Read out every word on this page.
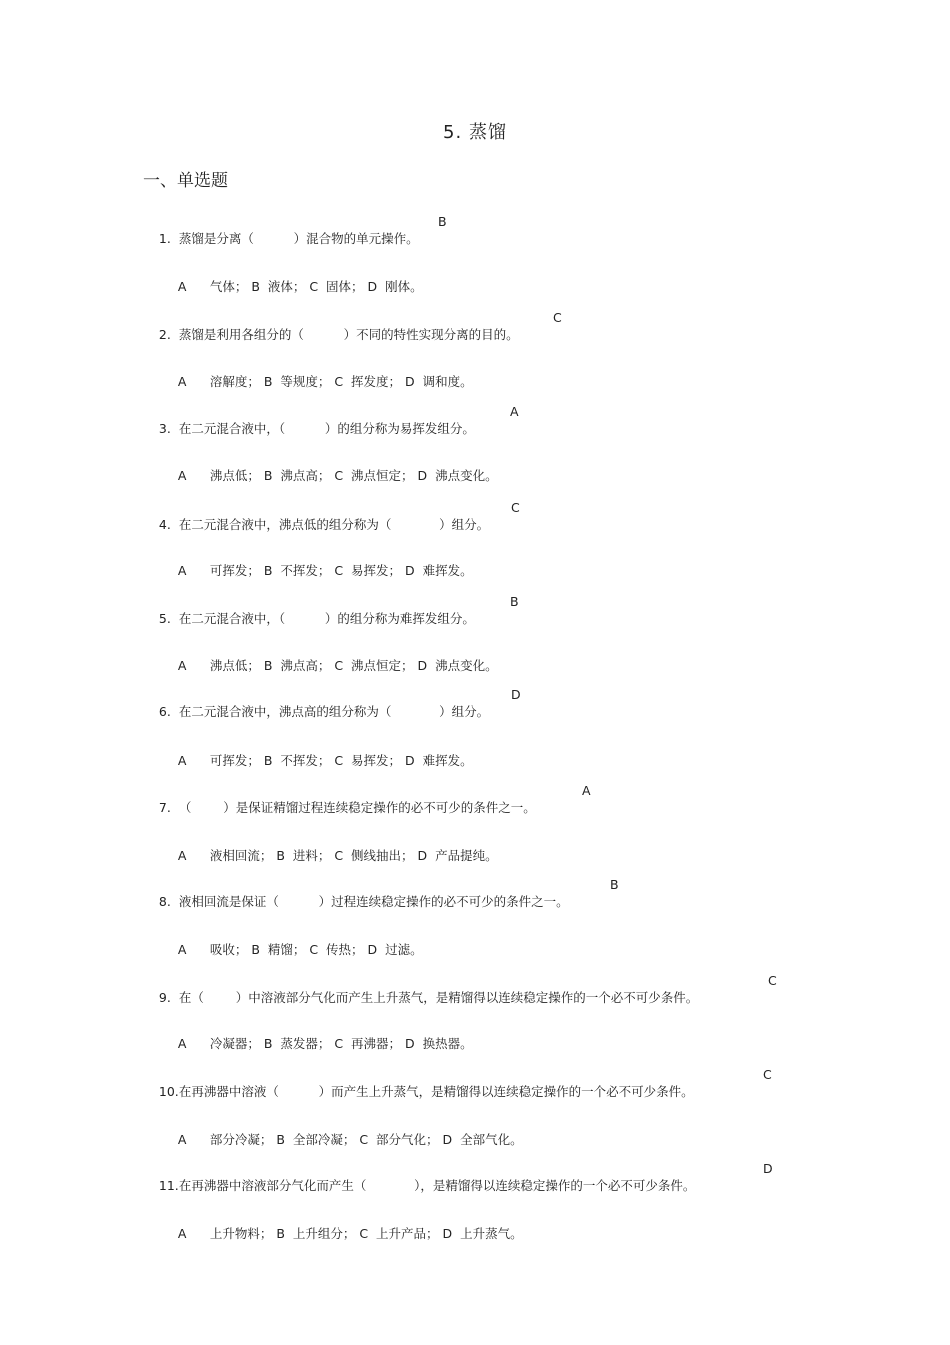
5. 蒸馏
一、单选题

1. 蒸馏是分离（          ）混合物的单元操作。

B

A 气体； B  液体； C  固体； D  刚体。

2. 蒸馏是利用各组分的（          ）不同的特性实现分离的目的。

C

A 溶解度； B  等规度； C  挥发度； D  调和度。

3. 在二元混合液中，（          ）的组分称为易挥发组分。

A

A 沸点低； B  沸点高； C  沸点恒定； D  沸点变化。

4. 在二元混合液中，沸点低的组分称为（            ）组分。

C

A 可挥发； B  不挥发； C  易挥发； D  难挥发。

5. 在二元混合液中，（          ）的组分称为难挥发组分。

B

A 沸点低； B  沸点高； C  沸点恒定； D  沸点变化。

6. 在二元混合液中，沸点高的组分称为（            ）组分。

D

A 可挥发； B  不挥发； C  易挥发； D  难挥发。

7. （        ）是保证精馏过程连续稳定操作的必不可少的条件之一。

A

A 液相回流； B  进料； C  侧线抽出； D  产品提纯。

8. 液相回流是保证（          ）过程连续稳定操作的必不可少的条件之一。

B

A 吸收； B  精馏； C  传热； D  过滤。

9. 在（        ）中溶液部分气化而产生上升蒸气，是精馏得以连续稳定操作的一个必不可少条件。

C

A 冷凝器； B  蒸发器； C  再沸器； D  换热器。

10.在再沸器中溶液（          ）而产生上升蒸气，是精馏得以连续稳定操作的一个必不可少条件。

C

A 部分冷凝； B  全部冷凝； C  部分气化； D  全部气化。

11.在再沸器中溶液部分气化而产生（            ），是精馏得以连续稳定操作的一个必不可少条件。

D

A 上升物料； B  上升组分； C  上升产品； D  上升蒸气。
